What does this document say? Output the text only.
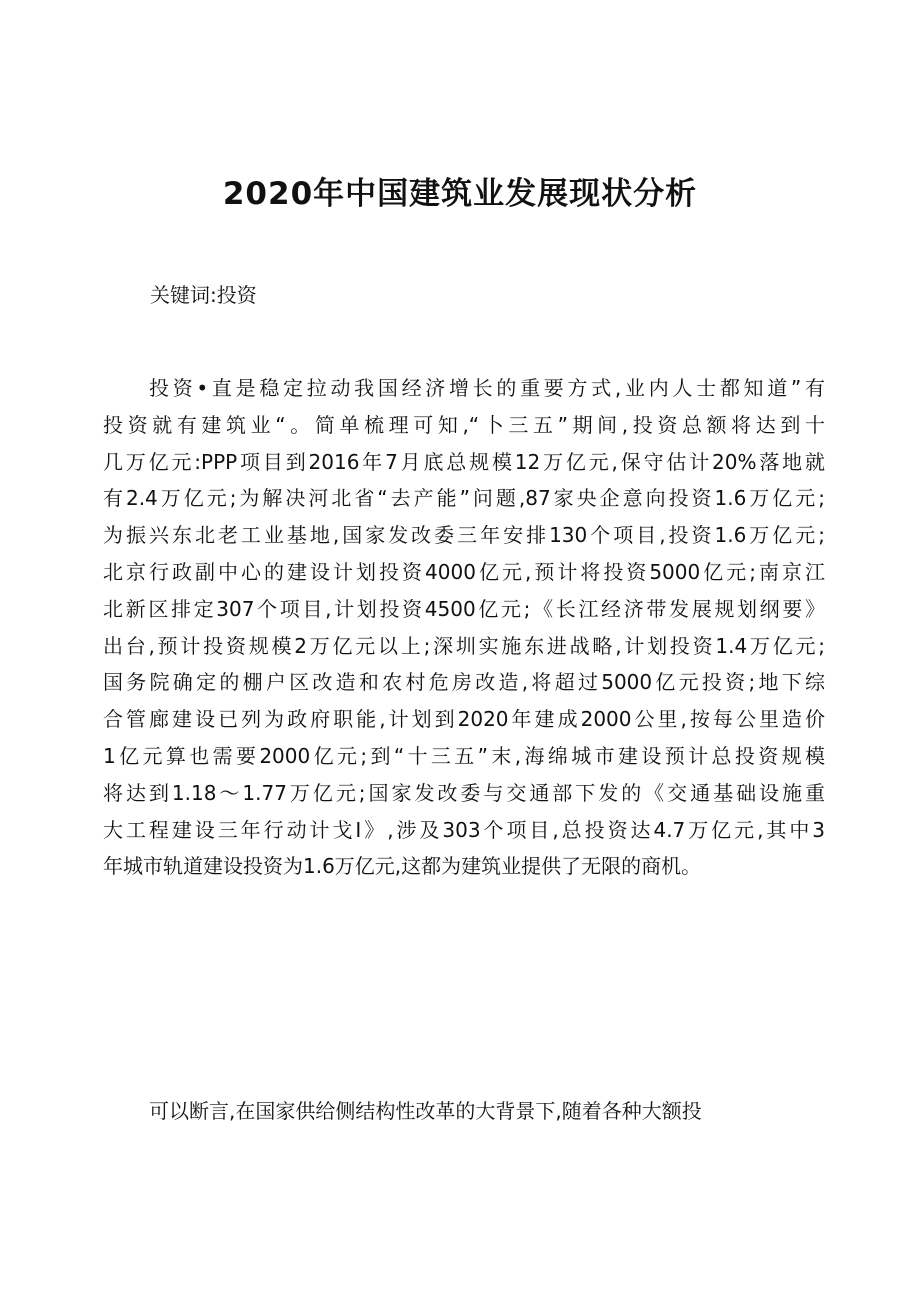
2020年中国建筑业发展现状分析

关键词:投资

投资•直是稳定拉动我国经济增长的重要方式,业内人士都知道”有
投资就有建筑业“。简单梳理可知,“卜三五”期间,投资总额将达到十
几万亿元:PPP项目到2016年7月底总规模12万亿元,保守估计20%落地就
有2.4万亿元;为解决河北省“去产能”问题,87家央企意向投资1.6万亿元;
为振兴东北老工业基地,国家发改委三年安排130个项目,投资1.6万亿元;
北京行政副中心的建设计划投资4000亿元,预计将投资5000亿元;南京江
北新区排定307个项目,计划投资4500亿元;《长江经济带发展规划纲要》
出台,预计投资规模2万亿元以上;深圳实施东进战略,计划投资1.4万亿元;
国务院确定的棚户区改造和农村危房改造,将超过5000亿元投资;地下综
合管廊建设已列为政府职能,计划到2020年建成2000公里,按每公里造价
1亿元算也需要2000亿元;到“十三五”末,海绵城市建设预计总投资规模
将达到1.18〜1.77万亿元;国家发改委与交通部下发的《交通基础设施重
大工程建设三年行动计戈I》,涉及303个项目,总投资达4.7万亿元,其中3
年城市轨道建设投资为1.6万亿元,这都为建筑业提供了无限的商机。
可以断言,在国家供给侧结构性改革的大背景下,随着各种大额投
